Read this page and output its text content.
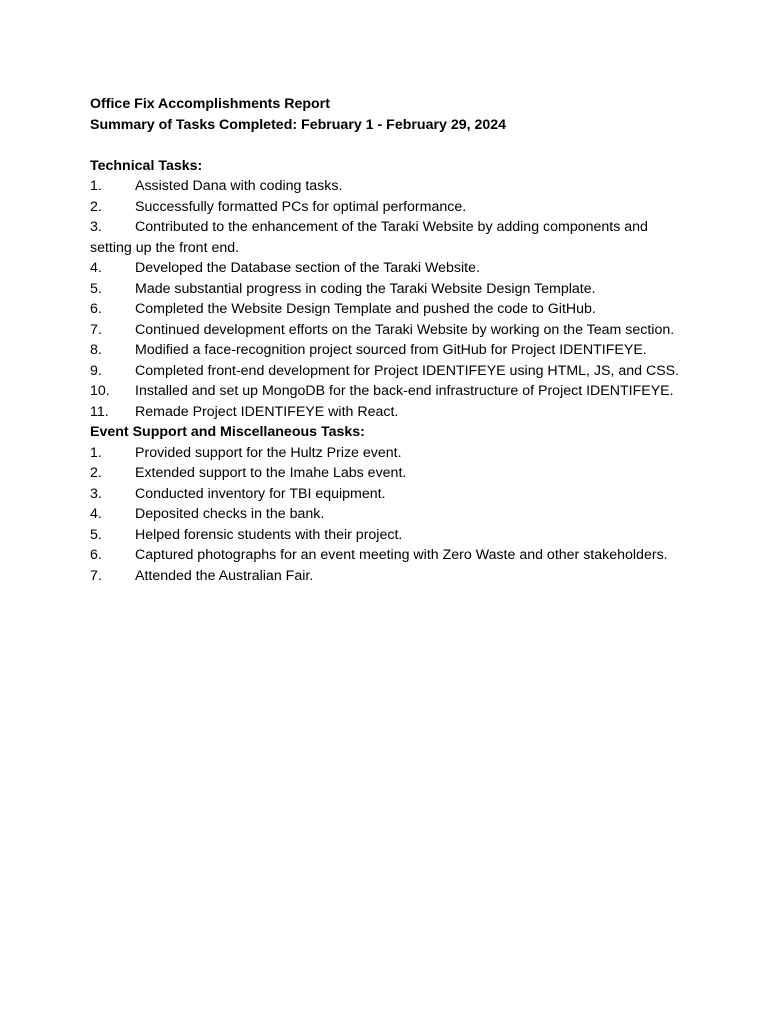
Office Fix Accomplishments Report
Summary of Tasks Completed: February 1 - February 29, 2024
Technical Tasks:
1. Assisted Dana with coding tasks.
2. Successfully formatted PCs for optimal performance.
3. Contributed to the enhancement of the Taraki Website by adding components and setting up the front end.
4. Developed the Database section of the Taraki Website.
5. Made substantial progress in coding the Taraki Website Design Template.
6. Completed the Website Design Template and pushed the code to GitHub.
7. Continued development efforts on the Taraki Website by working on the Team section.
8. Modified a face-recognition project sourced from GitHub for Project IDENTIFEYE.
9. Completed front-end development for Project IDENTIFEYE using HTML, JS, and CSS.
10. Installed and set up MongoDB for the back-end infrastructure of Project IDENTIFEYE.
11. Remade Project IDENTIFEYE with React.
Event Support and Miscellaneous Tasks:
1. Provided support for the Hultz Prize event.
2. Extended support to the Imahe Labs event.
3. Conducted inventory for TBI equipment.
4. Deposited checks in the bank.
5. Helped forensic students with their project.
6. Captured photographs for an event meeting with Zero Waste and other stakeholders.
7. Attended the Australian Fair.
